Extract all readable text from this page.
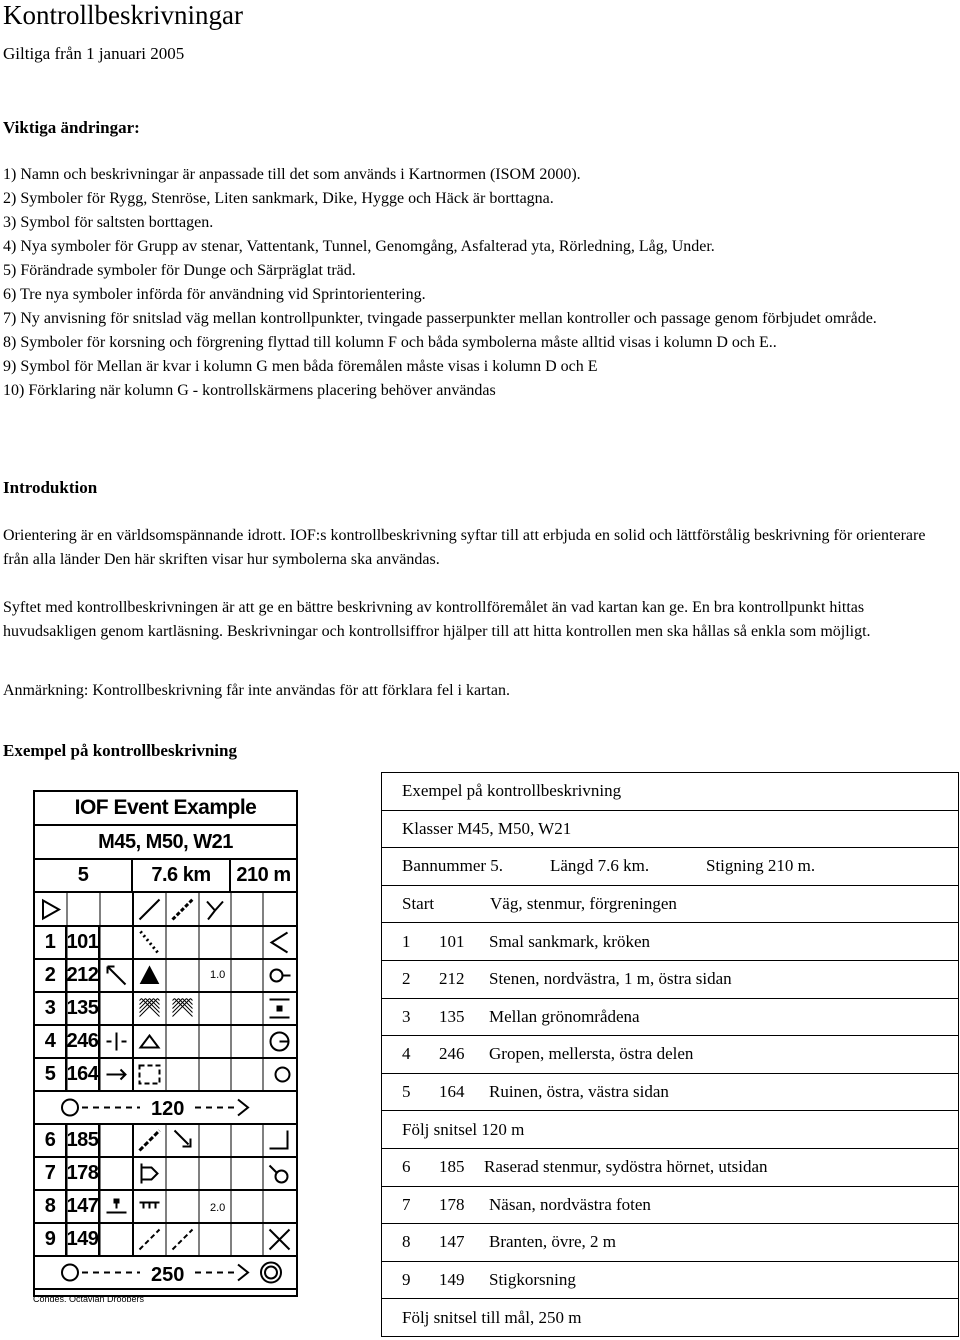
Kontrollbeskrivningar
Giltiga från 1 januari 2005
Viktiga ändringar:
1) Namn och beskrivningar är anpassade till det som används i Kartnormen (ISOM 2000).
2) Symboler för Rygg, Stenröse, Liten sankmark, Dike, Hygge och Häck är borttagna.
3) Symbol för saltsten borttagen.
4) Nya symboler för Grupp av stenar, Vattentank, Tunnel, Genomgång, Asfalterad yta, Rörledning, Låg, Under.
5) Förändrade symboler för Dunge och Särpräglat träd.
6) Tre nya symboler införda för användning vid Sprintorientering.
7) Ny anvisning för snitslad väg mellan kontrollpunkter, tvingade passerpunkter mellan kontroller och passage genom förbjudet område.
8) Symboler för korsning och förgrening flyttad till kolumn F och båda symbolerna måste alltid visas i kolumn D och E..
9) Symbol för Mellan är kvar i kolumn G men båda föremålen måste visas i kolumn D och E
10) Förklaring när kolumn G - kontrollskärmens placering behöver användas
Introduktion
Orientering är en världsomspännande idrott. IOF:s kontrollbeskrivning syftar till att erbjuda en solid och lättförstålig beskrivning för orienterare från alla länder Den här skriften visar hur symbolerna ska användas.
Syftet med kontrollbeskrivningen är att ge en bättre beskrivning av kontrollföremålet än vad kartan kan ge. En bra kontrollpunkt hittas huvudsakligen genom kartläsning. Beskrivningar och kontrollsiffror hjälper till att hitta kontrollen men ska hållas så enkla som möjligt.
Anmärkning: Kontrollbeskrivning får inte användas för att förklara fel i kartan.
Exempel på kontrollbeskrivning
IOF Event Example
M45, M50, W21
5	7.6 km	210 m
1 101
2 212
3 135
4 246
5 164
6 185
7 178
8 147
9 149
120
250
1.0
2.0
Condes. Octavian Droobers
Exempel på kontrollbeskrivning
Klasser M45, M50, W21
Bannummer 5.	Längd 7.6 km.	Stigning 210 m.
Start	Väg, stenmur, förgreningen
1 101 Smal sankmark, kröken
2 212 Stenen, nordvästra, 1 m, östra sidan
3 135 Mellan grönområdena
4 246 Gropen, mellersta, östra delen
5 164 Ruinen, östra, västra sidan
Följ snitsel 120 m
6 185 Raserad stenmur, sydöstra hörnet, utsidan
7 178 Näsan, nordvästra foten
8 147 Branten, övre, 2 m
9 149 Stigkorsning
Följ snitsel till mål, 250 m
